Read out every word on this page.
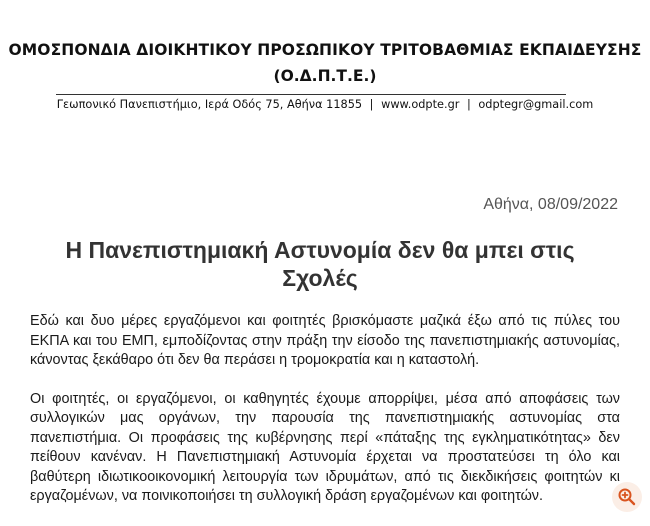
ΟΜΟΣΠΟΝΔΙΑ ΔΙΟΙΚΗΤΙΚΟΥ ΠΡΟΣΩΠΙΚΟΥ ΤΡΙΤΟΒΑΘΜΙΑΣ ΕΚΠΑΙΔΕΥΣΗΣ
(Ο.Δ.Π.Τ.Ε.)
Γεωπονικό Πανεπιστήμιο, Ιερά Οδός 75, Αθήνα 11855 | www.odpte.gr | odptegr@gmail.com
Αθήνα, 08/09/2022
Η Πανεπιστημιακή Αστυνομία δεν θα μπει στις Σχολές

Εδώ και δυο μέρες εργαζόμενοι και φοιτητές βρισκόμαστε μαζικά έξω από τις πύλες του ΕΚΠΑ και του ΕΜΠ, εμποδίζοντας στην πράξη την είσοδο της πανεπιστημιακής αστυνομίας, κάνοντας ξεκάθαρο ότι δεν θα περάσει η τρομοκρατία και η καταστολή.

Οι φοιτητές, οι εργαζόμενοι, οι καθηγητές έχουμε απορρίψει, μέσα από αποφάσεις των συλλογικών μας οργάνων, την παρουσία της πανεπιστημιακής αστυνομίας στα πανεπιστήμια. Οι προφάσεις της κυβέρνησης περί «πάταξης της εγκληματικότητας» δεν πείθουν κανέναν. Η Πανεπιστημιακή Αστυνομία έρχεται να προστατεύσει τη όλο και βαθύτερη ιδιωτικοοικονομική λειτουργία των ιδρυμάτων, από τις διεκδικήσεις φοιτητών κι εργαζομένων, να ποινικοποιήσει τη συλλογική δράση εργαζομένων και φοιτητών.
